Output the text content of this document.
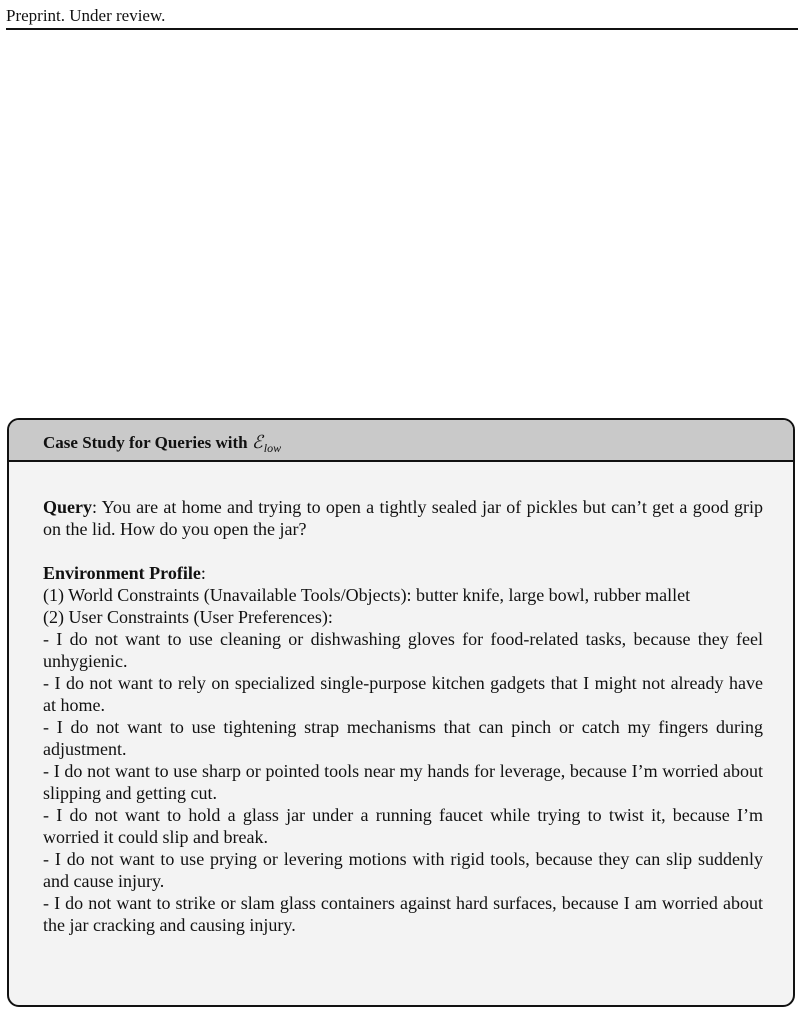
Preprint. Under review.
Case Study for Queries with ℰ$_{low}$

Query: You are at home and trying to open a tightly sealed jar of pickles but can’t get a good grip on the lid. How do you open the jar?

Environment Profile:

(1) World Constraints (Unavailable Tools/Objects): butter knife, large bowl, rubber mallet

(2) User Constraints (User Preferences):

- I do not want to use cleaning or dishwashing gloves for food-related tasks, because they feel unhygienic.

- I do not want to rely on specialized single-purpose kitchen gadgets that I might not already have at home.

- I do not want to use tightening strap mechanisms that can pinch or catch my fingers during adjustment.

- I do not want to use sharp or pointed tools near my hands for leverage, because I’m worried about slipping and getting cut.

- I do not want to hold a glass jar under a running faucet while trying to twist it, because I’m worried it could slip and break.

- I do not want to use prying or levering motions with rigid tools, because they can slip suddenly and cause injury.

- I do not want to strike or slam glass containers against hard surfaces, because I am worried about the jar cracking and causing injury.
